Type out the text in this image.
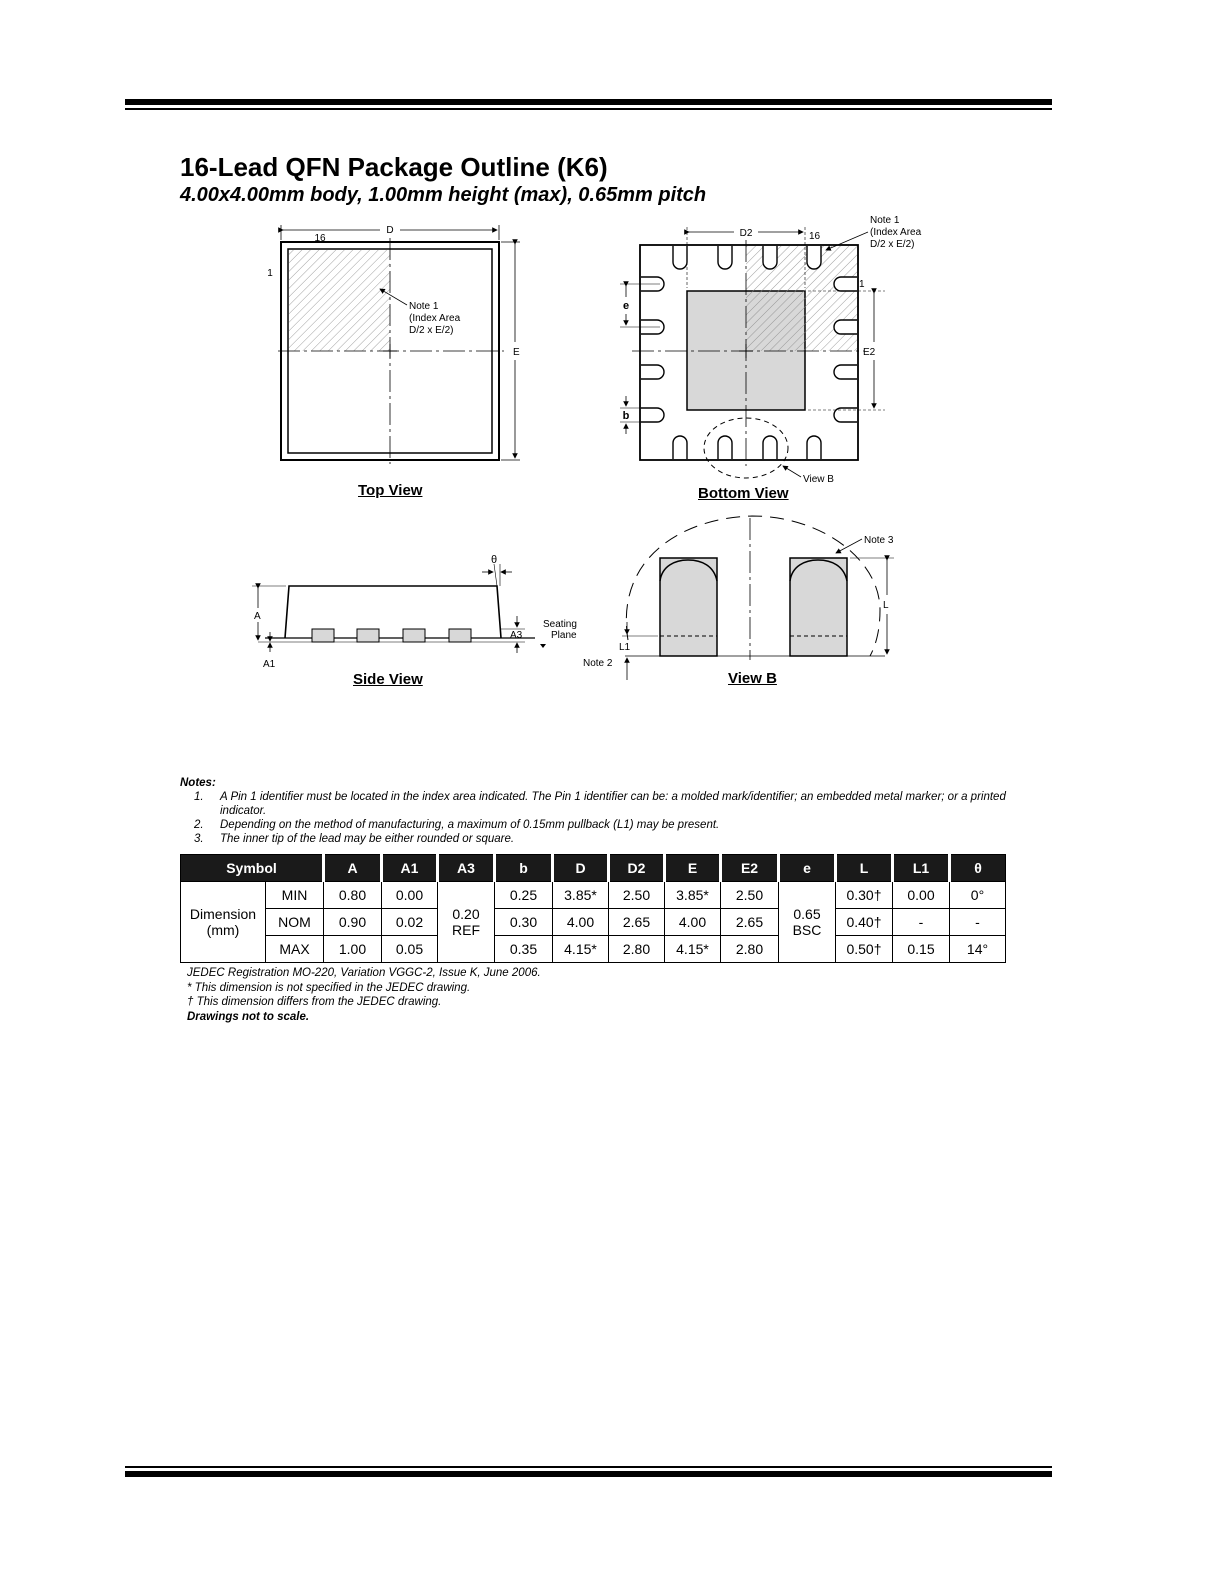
16-Lead QFN Package Outline (K6)
4.00x4.00mm body, 1.00mm height (max), 0.65mm pitch
D
16
1
E
Note 1
(Index Area
D/2 x E/2)
D2	16
Note 1
(Index Area
D/2 x E/2)
1
E2
e
b
View B
A
A1
A3
θ
Seating
Plane
Note 3
L
L1
Note 2
Top View	Bottom View
Side View	View B
Notes:
1.	A Pin 1 identifier must be located in the index area indicated. The Pin 1 identifier can be: a molded mark/identifier; an embedded metal marker; or a printed indicator.
2.	Depending on the method of manufacturing, a maximum of 0.15mm pullback (L1) may be present.
3.	The inner tip of the lead may be either rounded or square.
Symbol		A	A1	A3	b	D	D2	E	E2	e	L	L1	θ
Dimension (mm)	MIN	0.80	0.00	0.20 REF	0.25	3.85*	2.50	3.85*	2.50	0.65 BSC	0.30†	0.00	0°
	NOM	0.90	0.02		0.30	4.00	2.65	4.00	2.65		0.40†	-	-
	MAX	1.00	0.05		0.35	4.15*	2.80	4.15*	2.80		0.50†	0.15	14°
JEDEC Registration MO-220, Variation VGGC-2, Issue K, June 2006.
* This dimension is not specified in the JEDEC drawing.
† This dimension differs from the JEDEC drawing.
Drawings not to scale.
